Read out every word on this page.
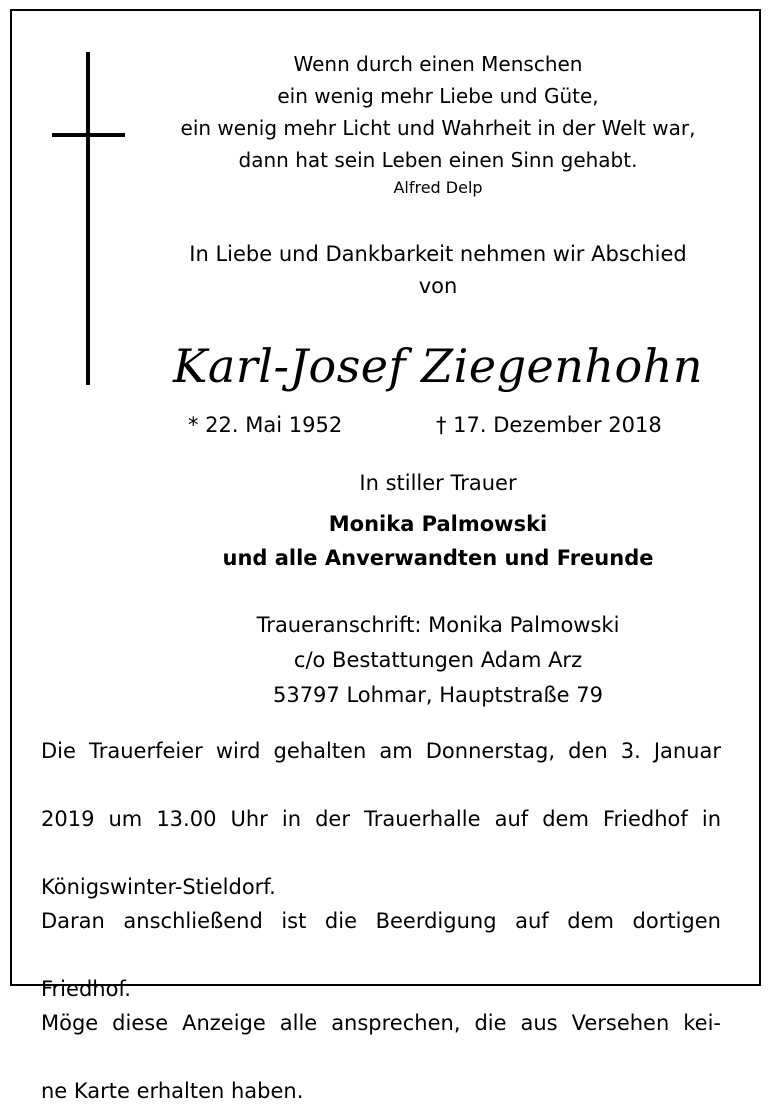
Wenn durch einen Menschen
ein wenig mehr Liebe und Güte,
ein wenig mehr Licht und Wahrheit in der Welt war,
dann hat sein Leben einen Sinn gehabt.
Alfred Delp
In Liebe und Dankbarkeit nehmen wir Abschied
von
Karl-Josef Ziegenhohn
* 22. Mai 1952	† 17. Dezember 2018
In stiller Trauer
Monika Palmowski
und alle Anverwandten und Freunde
Traueranschrift: Monika Palmowski
c/o Bestattungen Adam Arz
53797 Lohmar, Hauptstraße 79

Die Trauerfeier wird gehalten am Donnerstag, den 3. Januar

2019 um 13.00 Uhr in der Trauerhalle auf dem Friedhof in

Königswinter-Stieldorf.

Daran anschließend ist die Beerdigung auf dem dortigen

Friedhof.

Möge diese Anzeige alle ansprechen, die aus Versehen kei-

ne Karte erhalten haben.
